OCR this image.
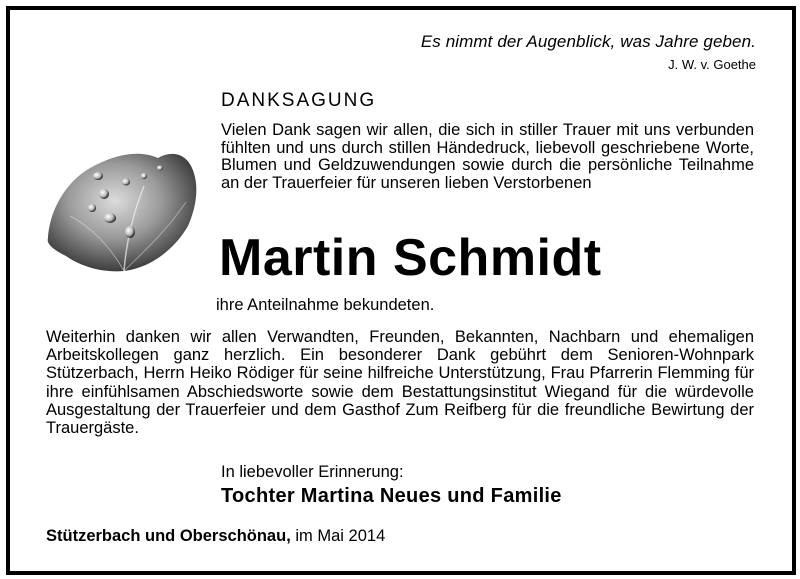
Es nimmt der Augenblick, was Jahre geben.
J. W. v. Goethe
DANKSAGUNG
Vielen Dank sagen wir allen, die sich in stiller Trauer mit uns verbunden fühlten und uns durch stillen Händedruck, liebevoll geschriebene Worte, Blumen und Geldzuwendungen sowie durch die persönliche Teilnahme an der Trauerfeier für unseren lieben Verstorbenen
Martin Schmidt
ihre Anteilnahme bekundeten.
Weiterhin danken wir allen Verwandten, Freunden, Bekannten, Nachbarn und ehemaligen Arbeitskollegen ganz herzlich. Ein besonderer Dank gebührt dem Senioren-Wohnpark Stützerbach, Herrn Heiko Rödiger für seine hilfreiche Unterstützung, Frau Pfarrerin Flemming für ihre einfühlsamen Abschiedsworte sowie dem Bestattungsinstitut Wiegand für die würdevolle Ausgestaltung der Trauerfeier und dem Gasthof Zum Reifberg für die freundliche Bewirtung der Trauergäste.
In liebevoller Erinnerung:
Tochter Martina Neues und Familie
Stützerbach und Oberschönau, im Mai 2014
